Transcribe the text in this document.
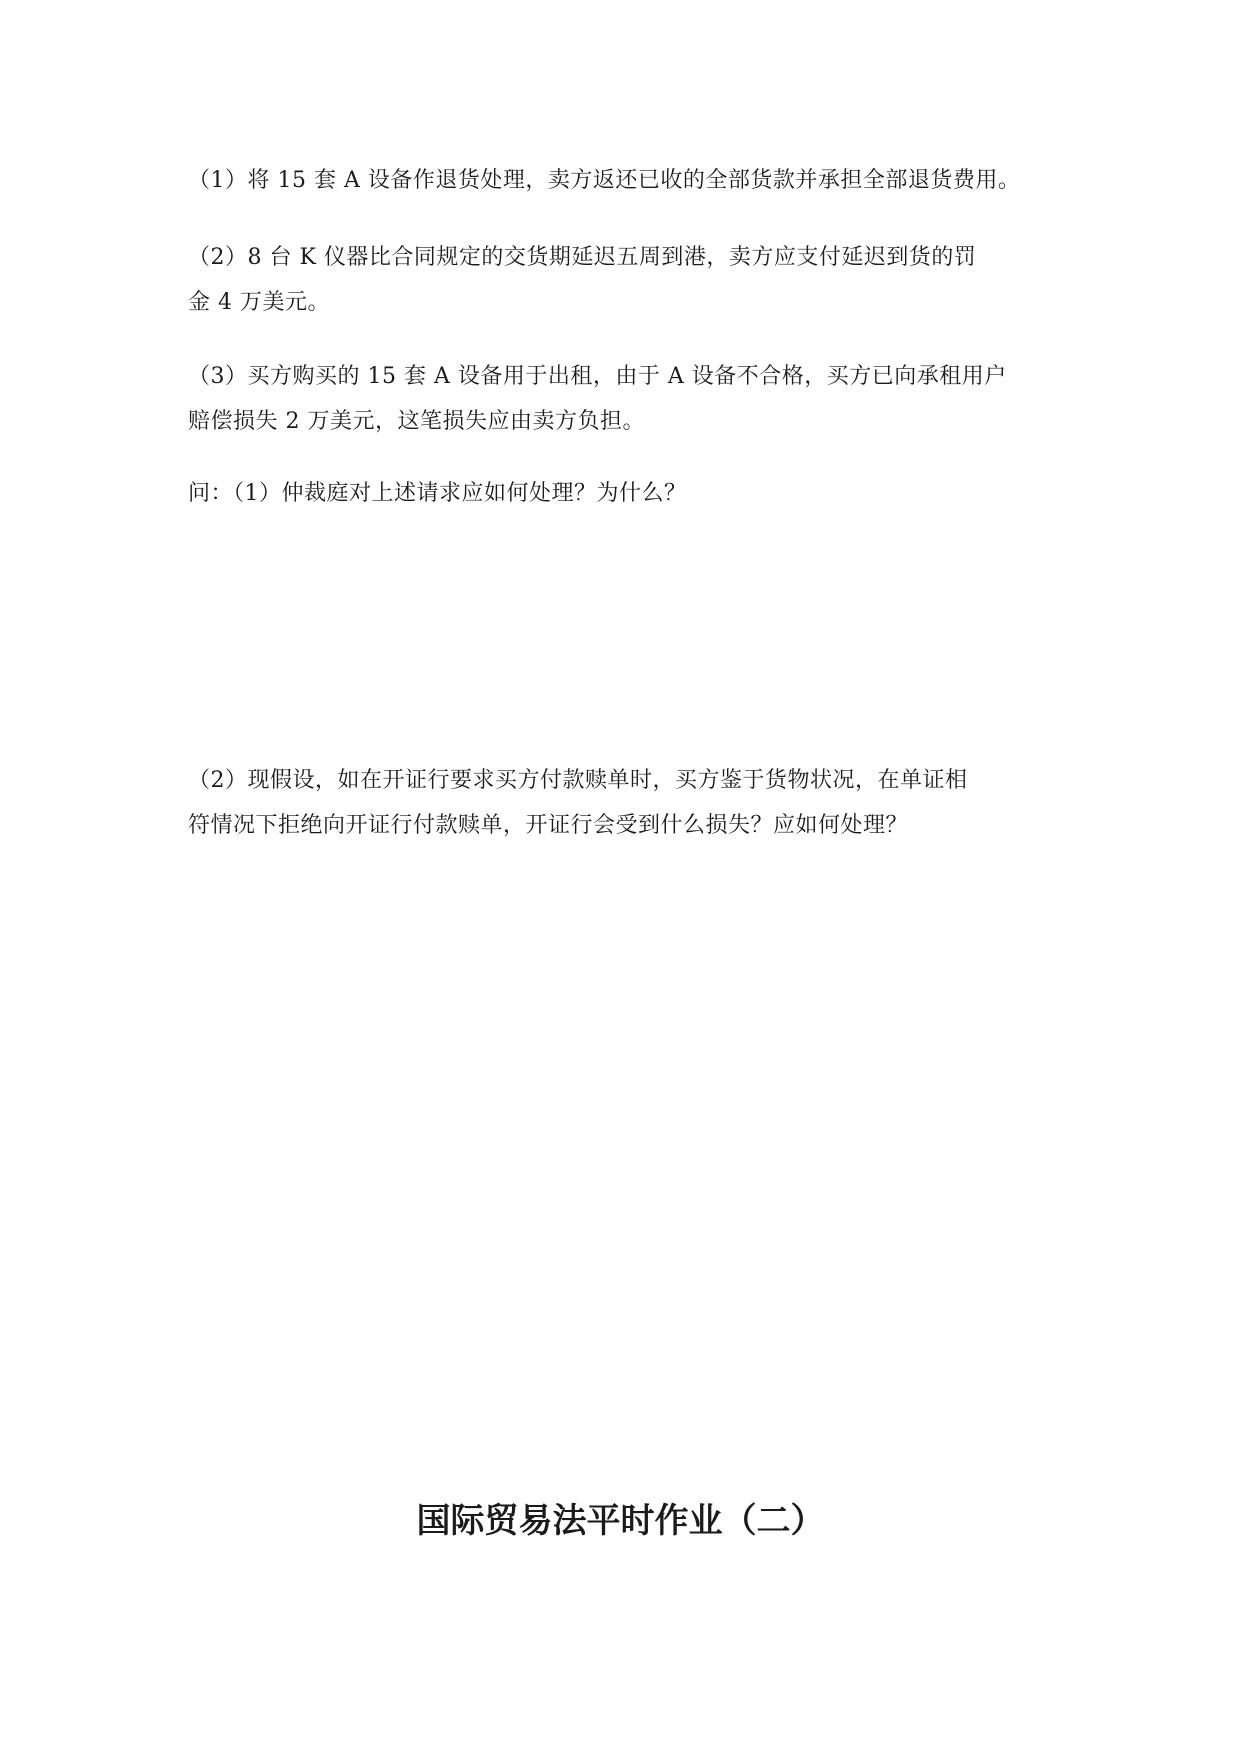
（1）将 15 套 A 设备作退货处理，卖方返还已收的全部货款并承担全部退货费用。

（2）8 台 K 仪器比合同规定的交货期延迟五周到港，卖方应支付延迟到货的罚
金 4 万美元。

（3）买方购买的 15 套 A 设备用于出租，由于 A 设备不合格，买方已向承租用户
赔偿损失 2 万美元，这笔损失应由卖方负担。

问：（1）仲裁庭对上述请求应如何处理？为什么？

（2）现假设，如在开证行要求买方付款赎单时，买方鉴于货物状况，在单证相
符情况下拒绝向开证行付款赎单，开证行会受到什么损失？应如何处理？

国际贸易法平时作业（二）
